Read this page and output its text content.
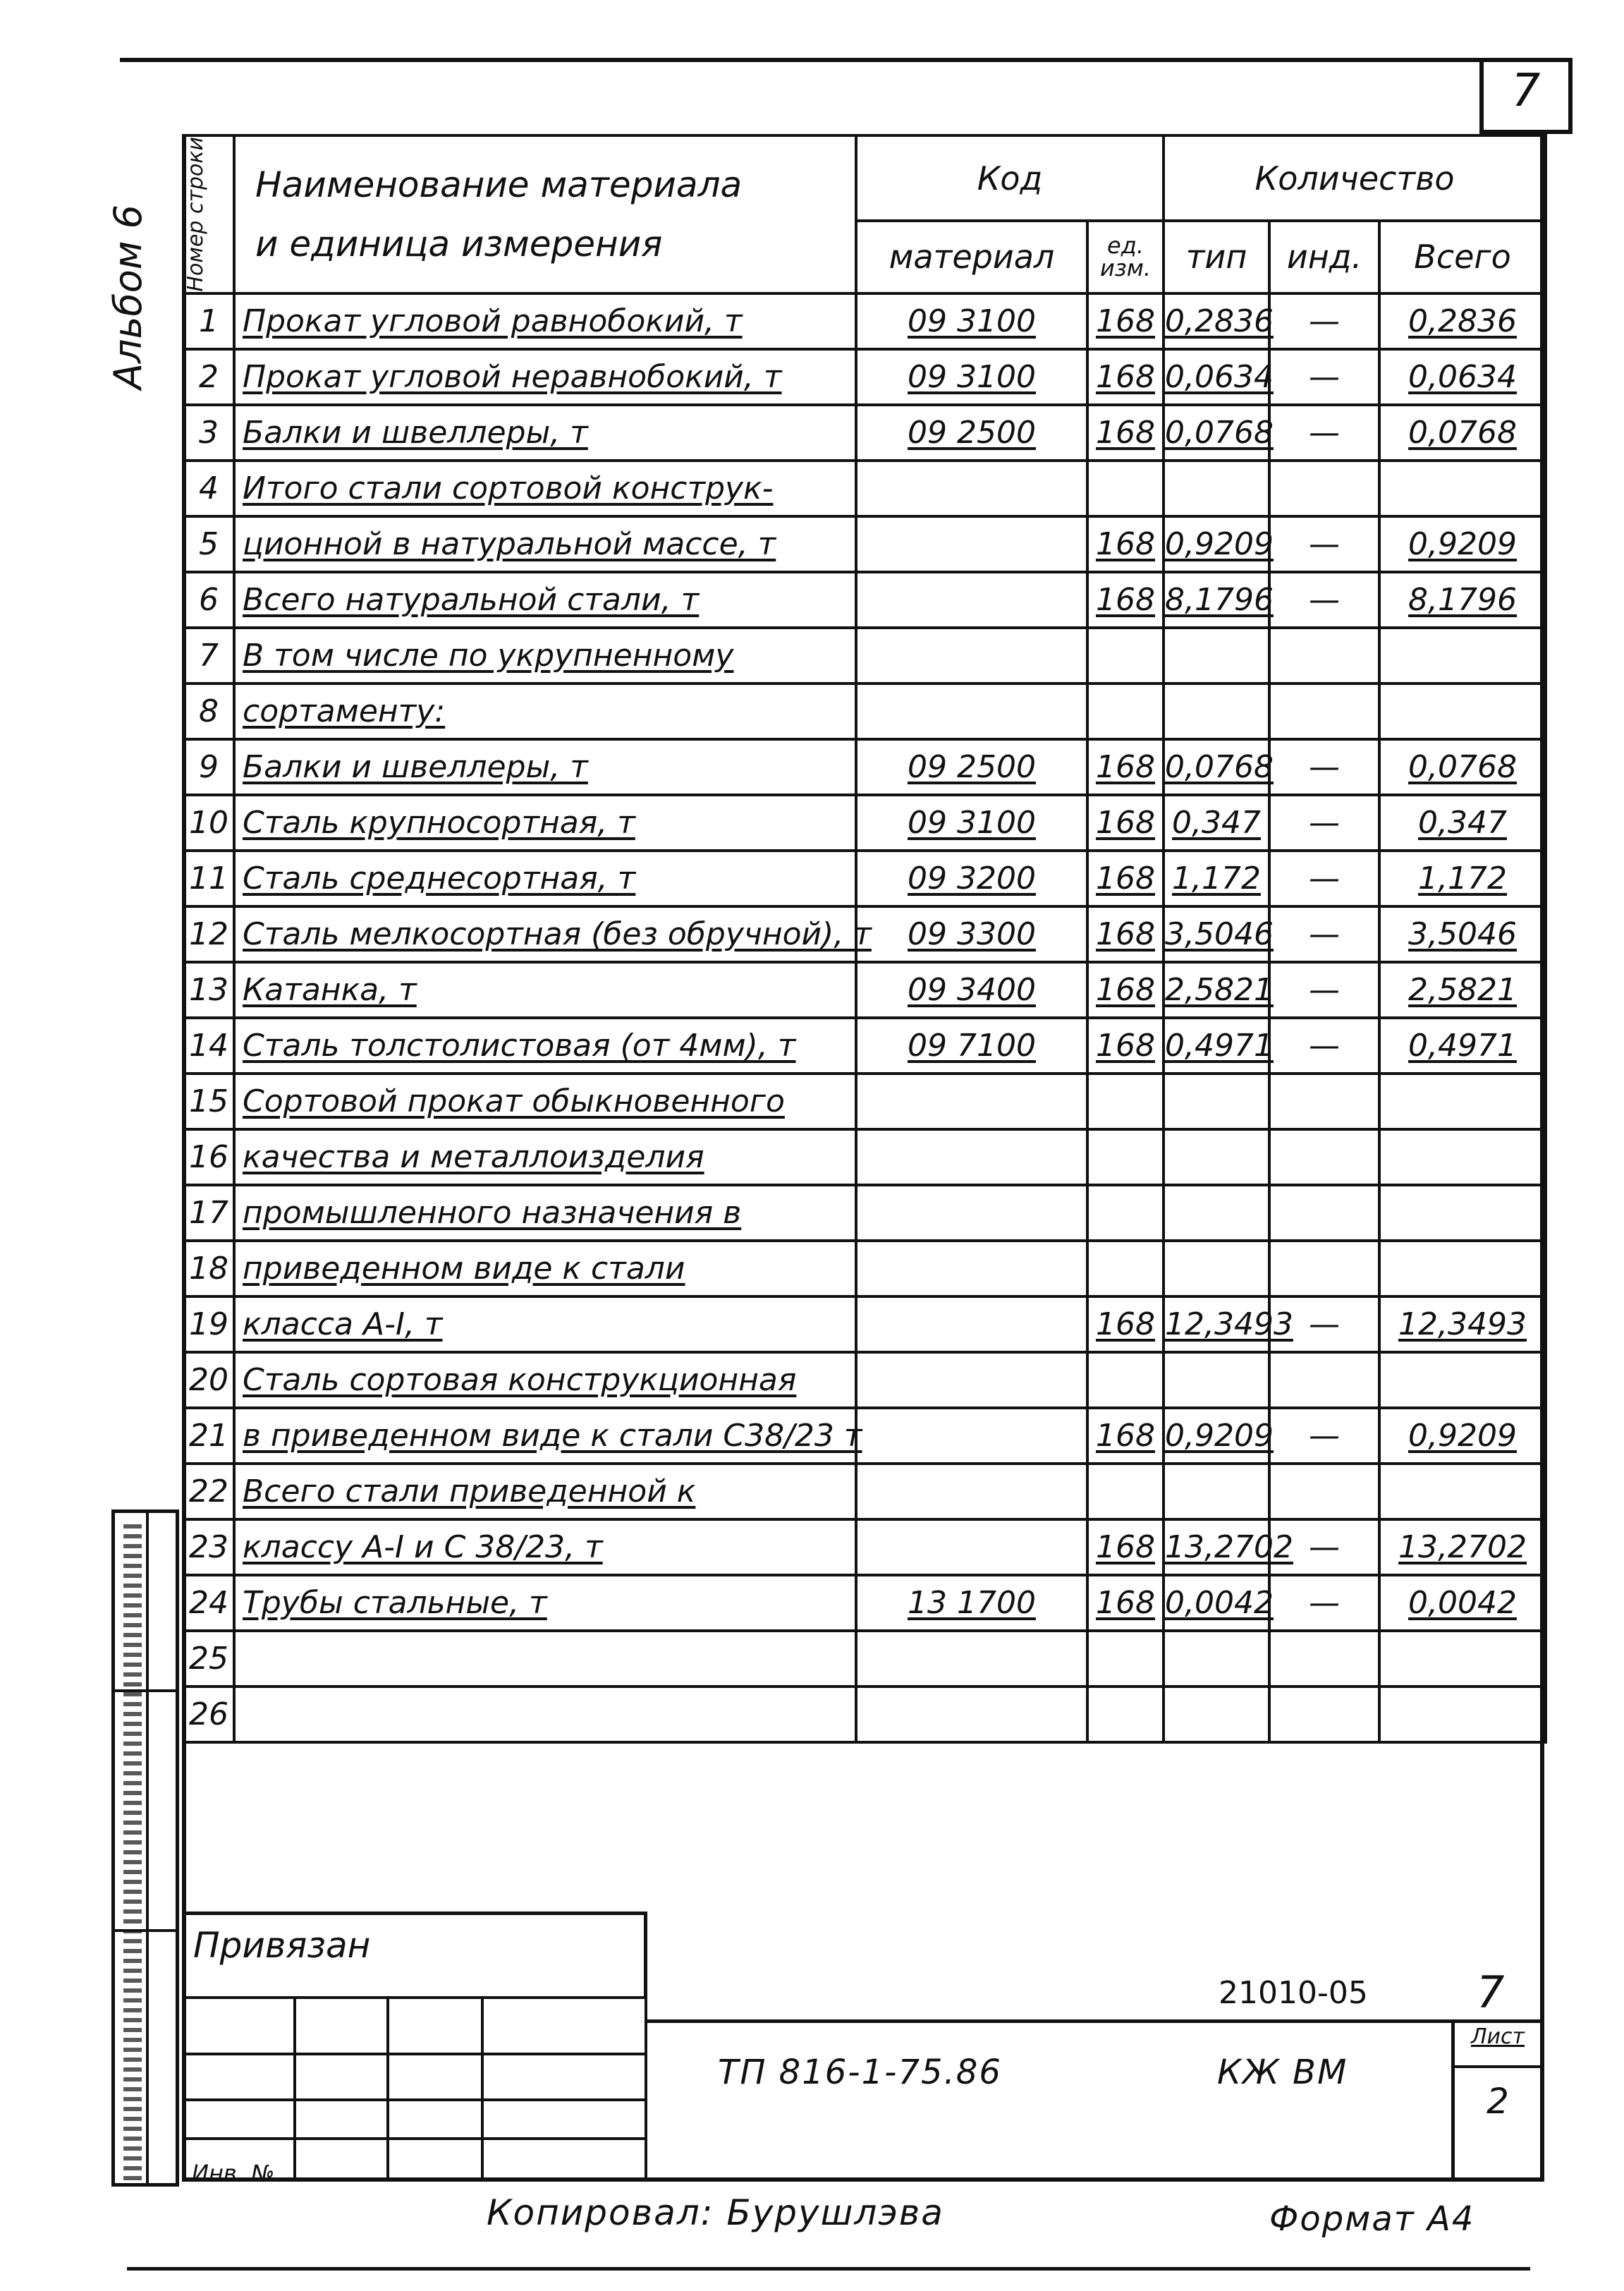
7
Альбом 6 Номер строки	Наименование материала
и единица измерения	Код		Количество		
		материал	ед. изм.	тип	инд.	Всего
1	Прокат угловой равнобокий, т	09 3100	168	0,2836	—	0,2836
2	Прокат угловой неравнобокий, т	09 3100	168	0,0634	—	0,0634
3	Балки и швеллеры, т	09 2500	168	0,0768	—	0,0768
4	Итого стали сортовой конструк-					
5	ционной в натуральной массе, т		168	0,9209	—	0,9209
6	Всего натуральной стали, т		168	8,1796	—	8,1796
7	В том числе по укрупненному					
8	сортаменту:					
9	Балки и швеллеры, т	09 2500	168	0,0768	—	0,0768
10	Сталь крупносортная, т	09 3100	168	0,347	—	0,347
11	Сталь среднесортная, т	09 3200	168	1,172	—	1,172
12	Сталь мелкосортная (без обручной), т	09 3300	168	3,5046	—	3,5046
13	Катанка, т	09 3400	168	2,5821	—	2,5821
14	Сталь толстолистовая (от 4мм), т	09 7100	168	0,4971	—	0,4971
15	Сортовой прокат обыкновенного					
16	качества и металлоизделия					
17	промышленного назначения в					
18	приведенном виде к стали					
19	класса А-I, т		168	12,3493	—	12,3493
20	Сталь сортовая конструкционная					
21	в приведенном виде к стали С38/23 т		168	0,9209	—	0,9209
22	Всего стали приведенной к					
23	классу А-I и С 38/23, т		168	13,2702	—	13,2702
24	Трубы стальные, т	13 1700	168	0,0042	—	0,0042
25						
26						
Привязан
Инв. №
21010-05 7
ТП 816-1-75.86	КЖ ВМ
Лист
2
Копировал: Бурушлэва	Формат А4
